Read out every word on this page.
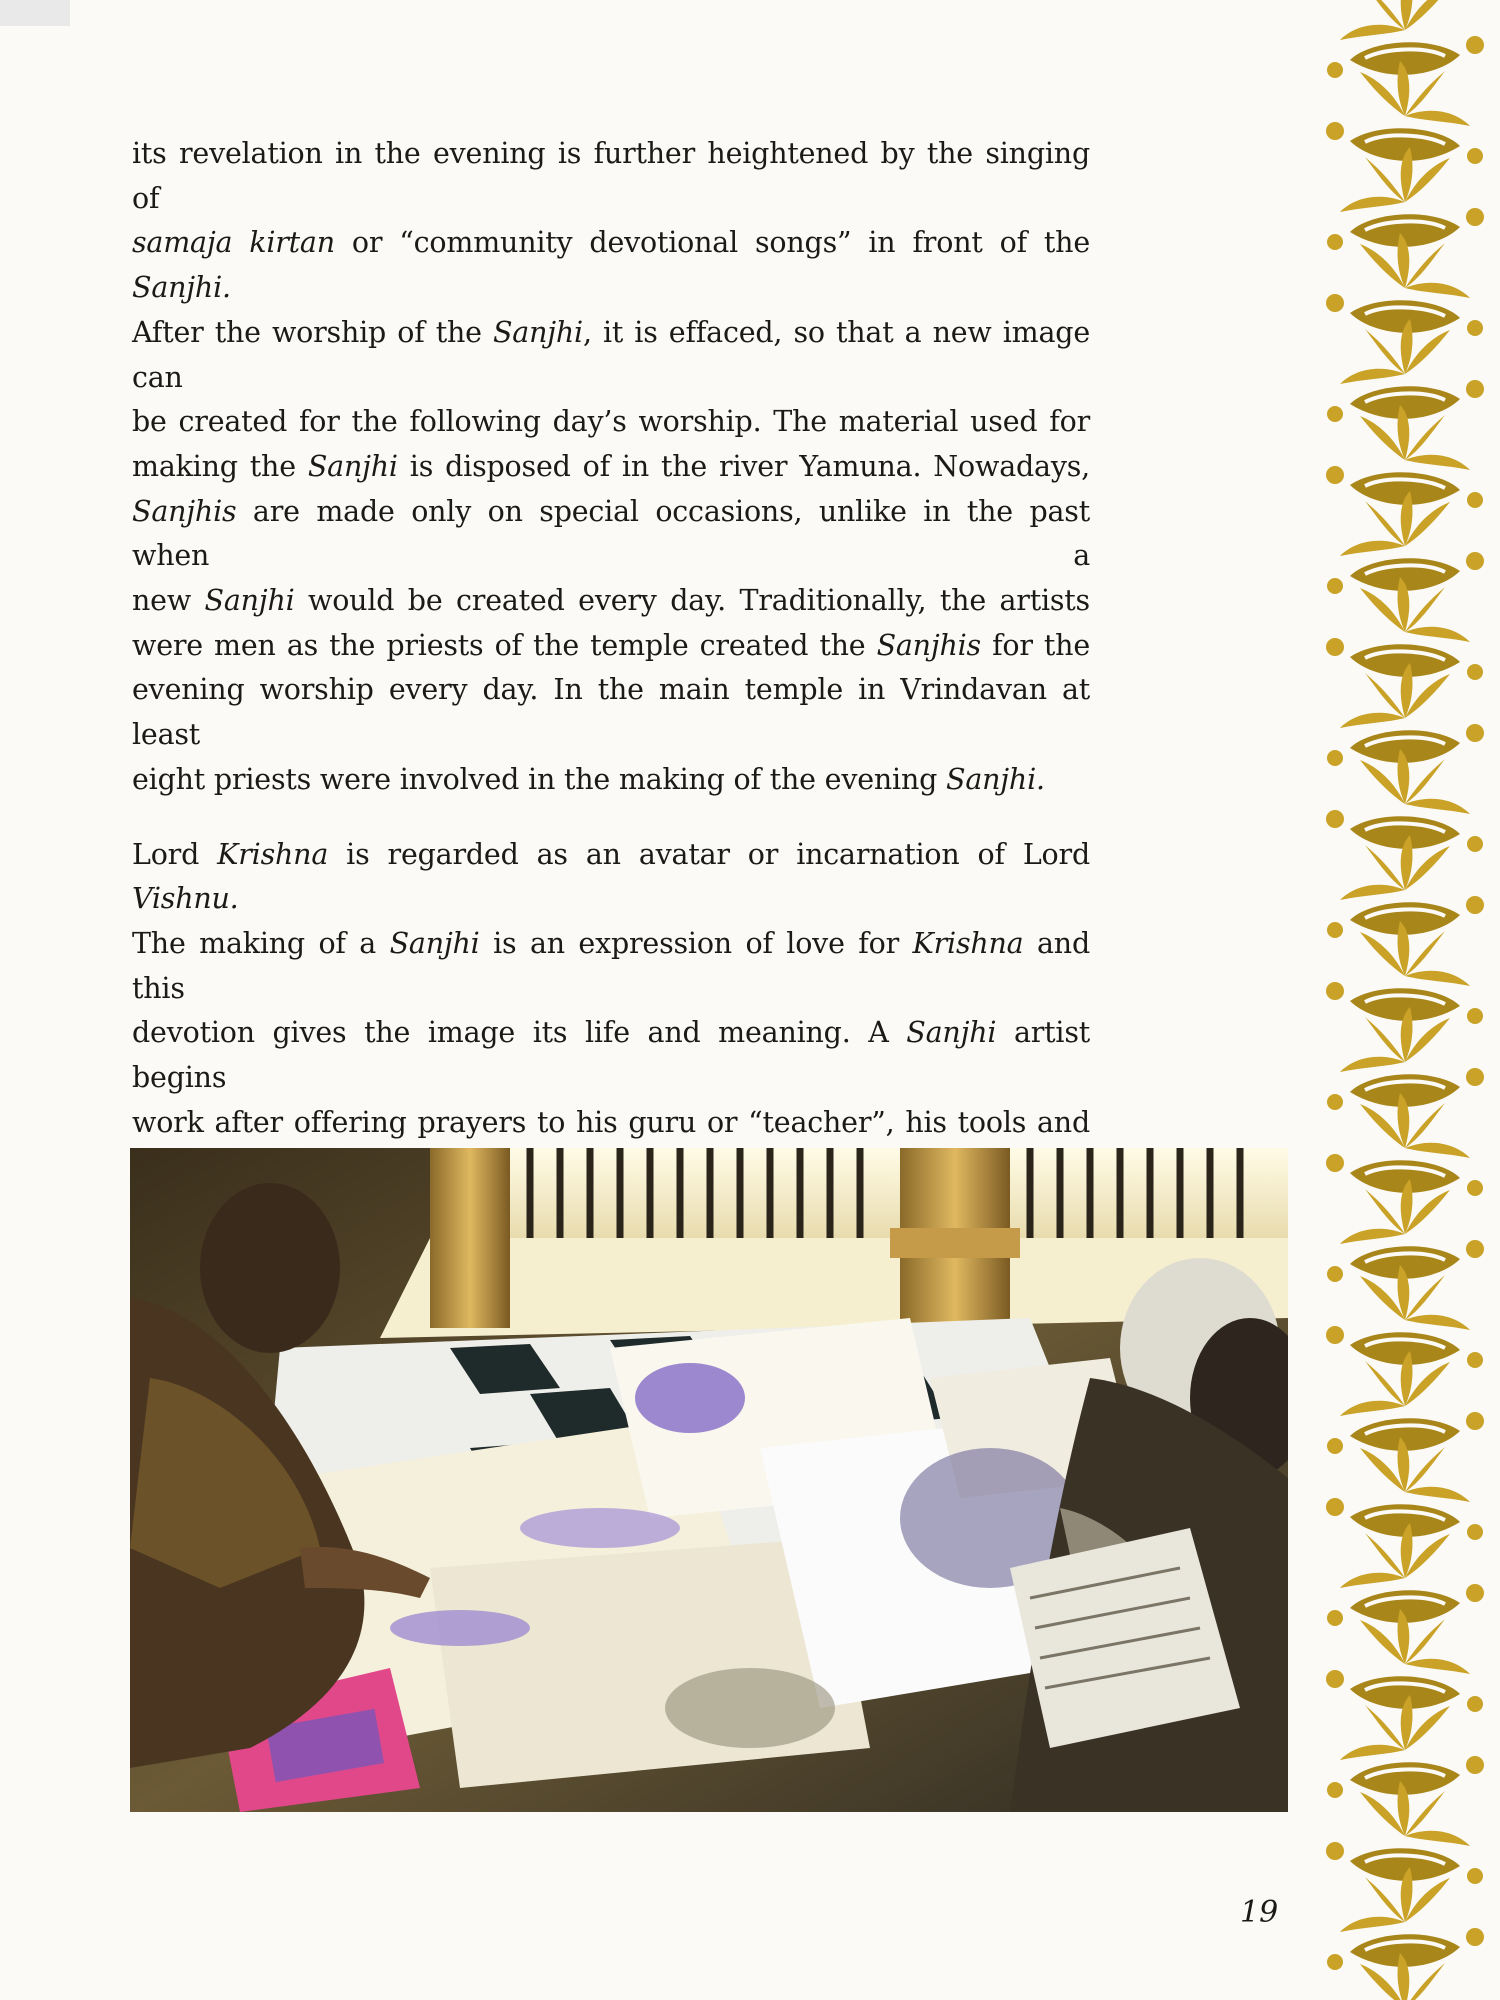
its revelation in the evening is further heightened by the singing of
samaja kirtan or “community devotional songs” in front of the Sanjhi.
After the worship of the Sanjhi, it is effaced, so that a new image can
be created for the following day’s worship. The material used for
making the Sanjhi is disposed of in the river Yamuna. Nowadays,
Sanjhis are made only on special occasions, unlike in the past when a
new Sanjhi would be created every day. Traditionally, the artists
were men as the priests of the temple created the Sanjhis for the
evening worship every day. In the main temple in Vrindavan at least
eight priests were involved in the making of the evening Sanjhi.

Lord Krishna is regarded as an avatar or incarnation of Lord Vishnu.
The making of a Sanjhi is an expression of love for Krishna and this
devotion gives the image its life and meaning. A Sanjhi artist begins
work after offering prayers to his guru or “teacher”, his tools and

19
